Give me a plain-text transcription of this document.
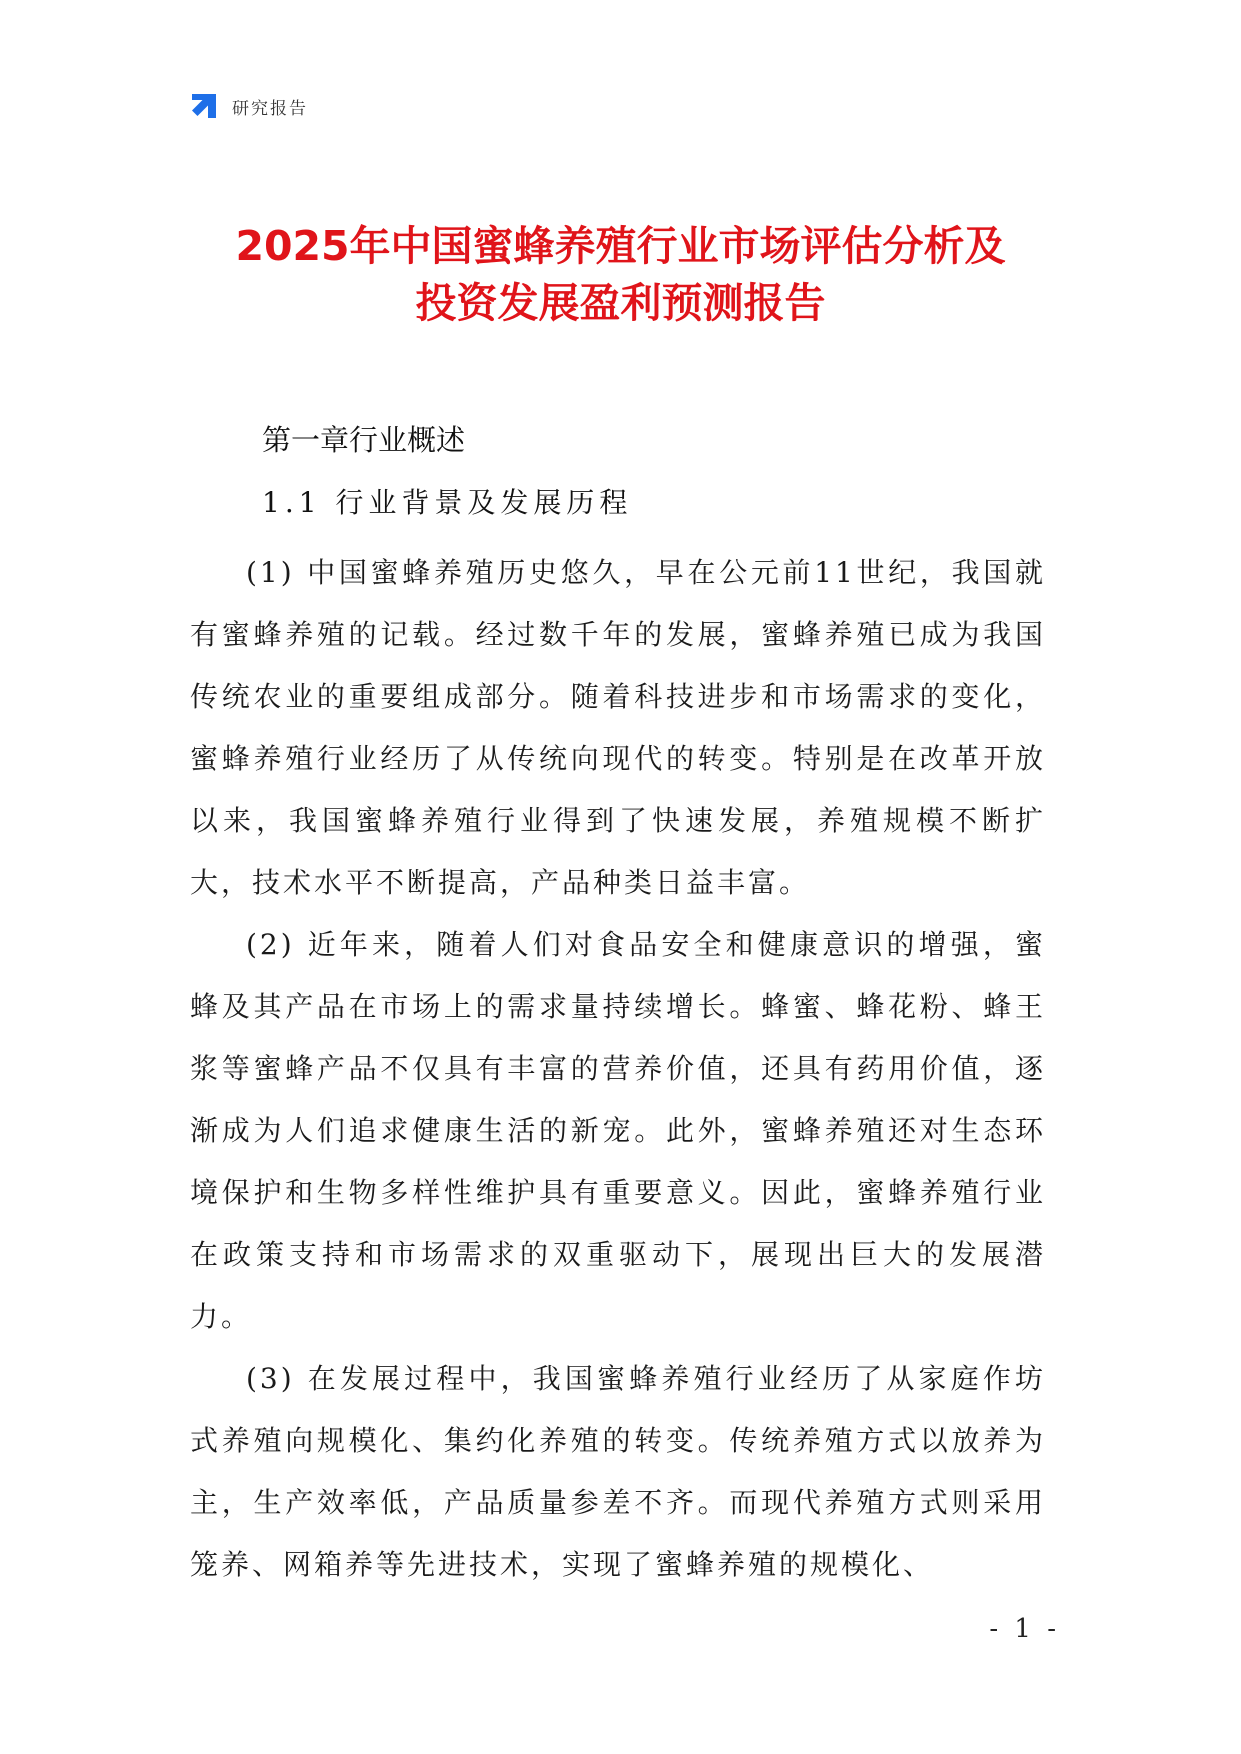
研究报告
2025年中国蜜蜂养殖行业市场评估分析及
投资发展盈利预测报告
第一章行业概述
1.1 行业背景及发展历程

(1) 中国蜜蜂养殖历史悠久，早在公元前11世纪，我国就有蜜蜂养殖的记载。经过数千年的发展，蜜蜂养殖已成为我国传统农业的重要组成部分。随着科技进步和市场需求的变化，蜜蜂养殖行业经历了从传统向现代的转变。特别是在改革开放以来，我国蜜蜂养殖行业得到了快速发展，养殖规模不断扩大，技术水平不断提高，产品种类日益丰富。

(2) 近年来，随着人们对食品安全和健康意识的增强，蜜蜂及其产品在市场上的需求量持续增长。蜂蜜、蜂花粉、蜂王浆等蜜蜂产品不仅具有丰富的营养价值，还具有药用价值，逐渐成为人们追求健康生活的新宠。此外，蜜蜂养殖还对生态环境保护和生物多样性维护具有重要意义。因此，蜜蜂养殖行业在政策支持和市场需求的双重驱动下，展现出巨大的发展潜力。

(3) 在发展过程中，我国蜜蜂养殖行业经历了从家庭作坊式养殖向规模化、集约化养殖的转变。传统养殖方式以放养为主，生产效率低，产品质量参差不齐。而现代养殖方式则采用笼养、网箱养等先进技术，实现了蜜蜂养殖的规模化、

- 1 -
